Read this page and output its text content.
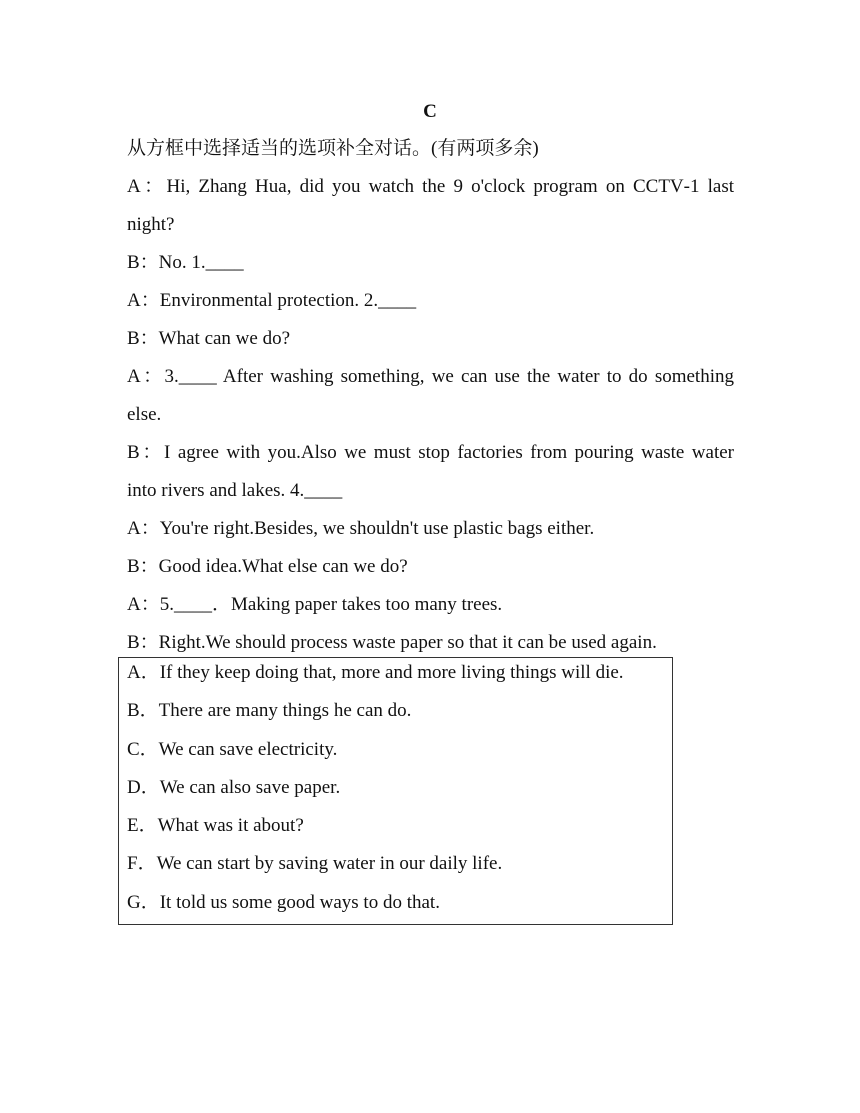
C
从方框中选择适当的选项补全对话。(有两项多余)
A：Hi, Zhang Hua, did you watch the 9 o'clock program on CCTV‐1 last
night?
B：No. 1.____
A：Environmental protection. 2.____
B：What can we do?
A：3.____ After washing something, we can use the water to do something
else.
B：I agree with you.Also we must stop factories from pouring waste water
into rivers and lakes. 4.____
A：You're right.Besides, we shouldn't use plastic bags either.
B：Good idea.What else can we do?
A：5.____．Making paper takes too many trees.
B：Right.We should process waste paper so that it can be used again.
A．If they keep doing that, more and more living things will die.
B．There are many things he can do.
C．We can save electricity.
D．We can also save paper.
E．What was it about?
F．We can start by saving water in our daily life.
G．It told us some good ways to do that.
